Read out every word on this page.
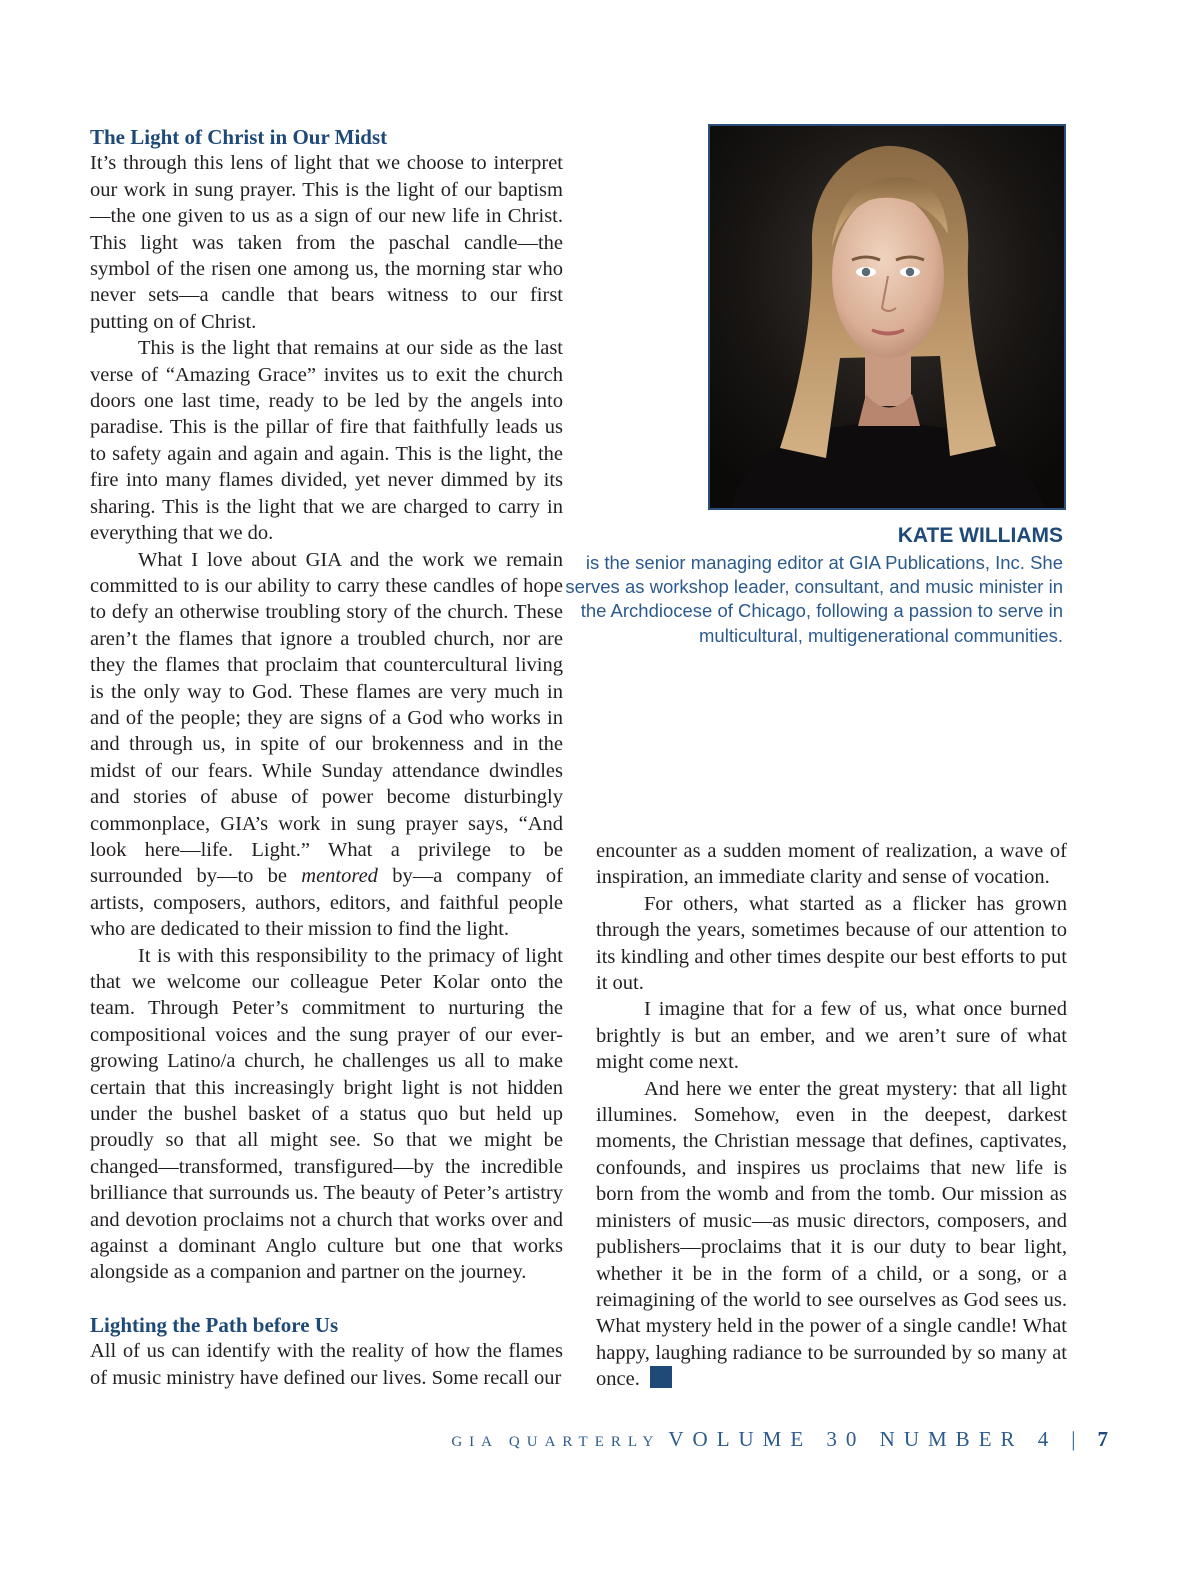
The Light of Christ in Our Midst

It’s through this lens of light that we choose to interpret our work in sung prayer. This is the light of our baptism—the one given to us as a sign of our new life in Christ. This light was taken from the paschal candle—the symbol of the risen one among us, the morning star who never sets—a candle that bears witness to our first putting on of Christ.

This is the light that remains at our side as the last verse of “Amazing Grace” invites us to exit the church doors one last time, ready to be led by the angels into paradise. This is the pillar of fire that faithfully leads us to safety again and again and again. This is the light, the fire into many flames divided, yet never dimmed by its sharing. This is the light that we are charged to carry in everything that we do.

What I love about GIA and the work we remain committed to is our ability to carry these candles of hope to defy an otherwise troubling story of the church. These aren’t the flames that ignore a troubled church, nor are they the flames that proclaim that countercultural living is the only way to God. These flames are very much in and of the people; they are signs of a God who works in and through us, in spite of our brokenness and in the midst of our fears. While Sunday attendance dwindles and stories of abuse of power become disturbingly commonplace, GIA’s work in sung prayer says, “And look here—life. Light.” What a privilege to be surrounded by—to be mentored by—a company of artists, composers, authors, editors, and faithful people who are dedicated to their mission to find the light.

It is with this responsibility to the primacy of light that we welcome our colleague Peter Kolar onto the team. Through Peter’s commitment to nurturing the compositional voices and the sung prayer of our ever-growing Latino/a church, he challenges us all to make certain that this increasingly bright light is not hidden under the bushel basket of a status quo but held up proudly so that all might see. So that we might be changed—transformed, transfigured—by the incredible brilliance that surrounds us. The beauty of Peter’s artistry and devotion proclaims not a church that works over and against a dominant Anglo culture but one that works alongside as a companion and partner on the journey.

Lighting the Path before Us

All of us can identify with the reality of how the flames of music ministry have defined our lives. Some recall our

KATE WILLIAMS
is the senior managing editor at GIA Publications, Inc. She serves as workshop leader, consultant, and music minister in the Archdiocese of Chicago, following a passion to serve in multicultural, multigenerational communities.

encounter as a sudden moment of realization, a wave of inspiration, an immediate clarity and sense of vocation.

For others, what started as a flicker has grown through the years, sometimes because of our attention to its kindling and other times despite our best efforts to put it out.

I imagine that for a few of us, what once burned brightly is but an ember, and we aren’t sure of what might come next.

And here we enter the great mystery: that all light illumines. Somehow, even in the deepest, darkest moments, the Christian message that defines, captivates, confounds, and inspires us proclaims that new life is born from the womb and from the tomb. Our mission as ministers of music—as music directors, composers, and publishers—proclaims that it is our duty to bear light, whether it be in the form of a child, or a song, or a reimagining of the world to see ourselves as God sees us. What mystery held in the power of a single candle! What happy, laughing radiance to be surrounded by so many at once.

GIA QUARTERLY VOLUME 30 NUMBER 4 | 7
